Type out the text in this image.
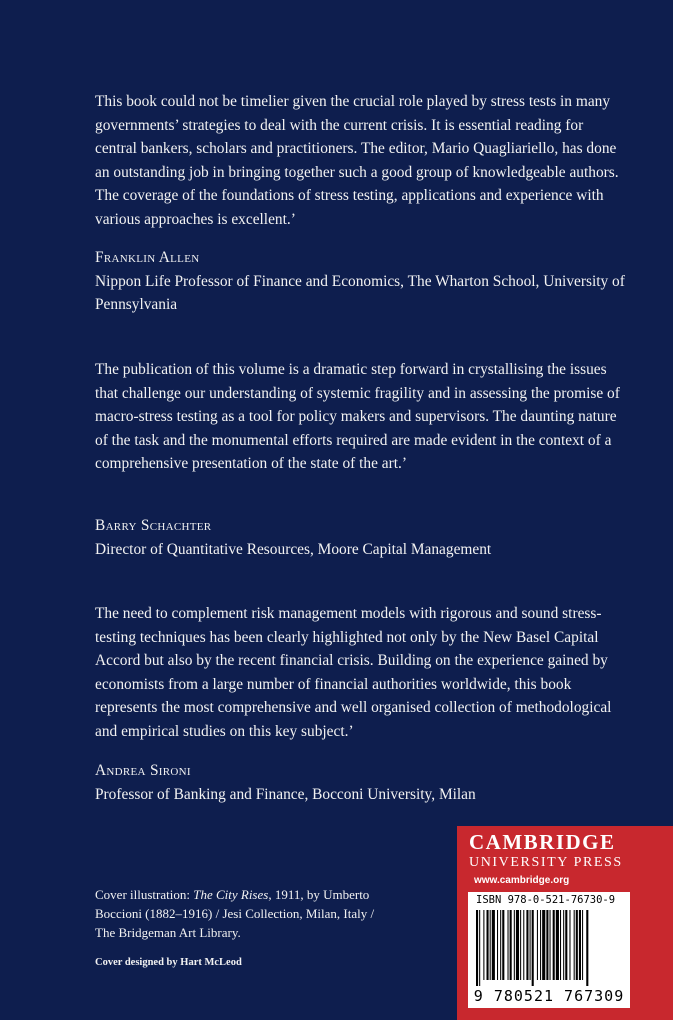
This book could not be timelier given the crucial role played by stress tests in many governments’ strategies to deal with the current crisis. It is essential reading for central bankers, scholars and practitioners. The editor, Mario Quagliariello, has done an outstanding job in bringing together such a good group of knowledgeable authors. The coverage of the foundations of stress testing, applications and experience with various approaches is excellent.’

Franklin Allen
Nippon Life Professor of Finance and Economics, The Wharton School, University of Pennsylvania

The publication of this volume is a dramatic step forward in crystallising the issues that challenge our understanding of systemic fragility and in assessing the promise of macro-stress testing as a tool for policy makers and supervisors. The daunting nature of the task and the monumental efforts required are made evident in the context of a comprehensive presentation of the state of the art.’

Barry Schachter
Director of Quantitative Resources, Moore Capital Management

The need to complement risk management models with rigorous and sound stress-testing techniques has been clearly highlighted not only by the New Basel Capital Accord but also by the recent financial crisis. Building on the experience gained by economists from a large number of financial authorities worldwide, this book represents the most comprehensive and well organised collection of methodological and empirical studies on this key subject.’

Andrea Sironi
Professor of Banking and Finance, Bocconi University, Milan
Cover illustration: The City Rises, 1911, by Umberto Boccioni (1882–1916) / Jesi Collection, Milan, Italy / The Bridgeman Art Library.
Cover designed by Hart McLeod
CAMBRIDGE
UNIVERSITY PRESS
www.cambridge.org
ISBN 978-0-521-76730-9
9 780521 767309
